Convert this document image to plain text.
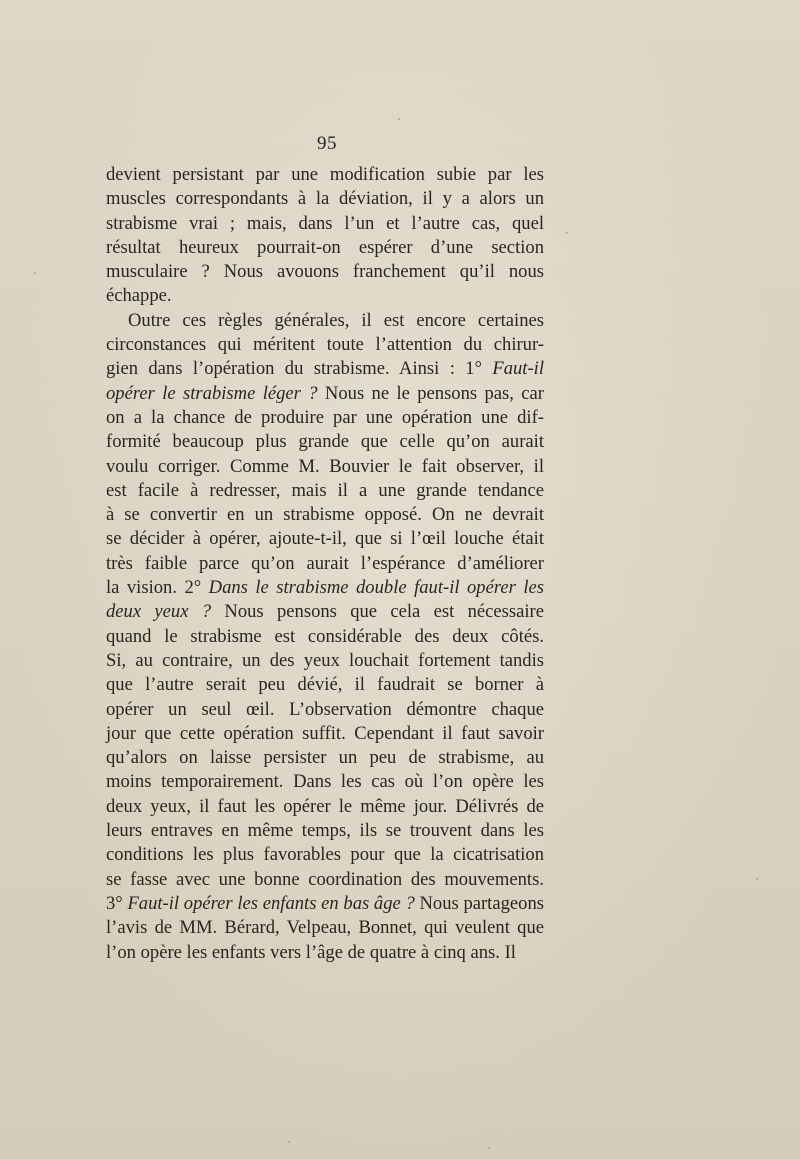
95
devient persistant par une modification subie par les
muscles correspondants à la déviation, il y a alors un
strabisme vrai ; mais, dans l’un et l’autre cas, quel
résultat heureux pourrait-on espérer d’une section
musculaire ? Nous avouons franchement qu’il nous
échappe.
Outre ces règles générales, il est encore certaines
circonstances qui méritent toute l’attention du chirur-
gien dans l’opération du strabisme. Ainsi : 1° Faut-il
opérer le strabisme léger ? Nous ne le pensons pas, car
on a la chance de produire par une opération une dif-
formité beaucoup plus grande que celle qu’on aurait
voulu corriger. Comme M. Bouvier le fait observer, il
est facile à redresser, mais il a une grande tendance
à se convertir en un strabisme opposé. On ne devrait
se décider à opérer, ajoute-t-il, que si l’œil louche était
très faible parce qu’on aurait l’espérance d’améliorer
la vision. 2° Dans le strabisme double faut-il opérer les
deux yeux ? Nous pensons que cela est nécessaire
quand le strabisme est considérable des deux côtés.
Si, au contraire, un des yeux louchait fortement tandis
que l’autre serait peu dévié, il faudrait se borner à
opérer un seul œil. L’observation démontre chaque
jour que cette opération suffit. Cependant il faut savoir
qu’alors on laisse persister un peu de strabisme, au
moins temporairement. Dans les cas où l’on opère les
deux yeux, il faut les opérer le même jour. Délivrés de
leurs entraves en même temps, ils se trouvent dans les
conditions les plus favorables pour que la cicatrisation
se fasse avec une bonne coordination des mouvements.
3° Faut-il opérer les enfants en bas âge ? Nous partageons
l’avis de MM. Bérard, Velpeau, Bonnet, qui veulent que
l’on opère les enfants vers l’âge de quatre à cinq ans. Il
